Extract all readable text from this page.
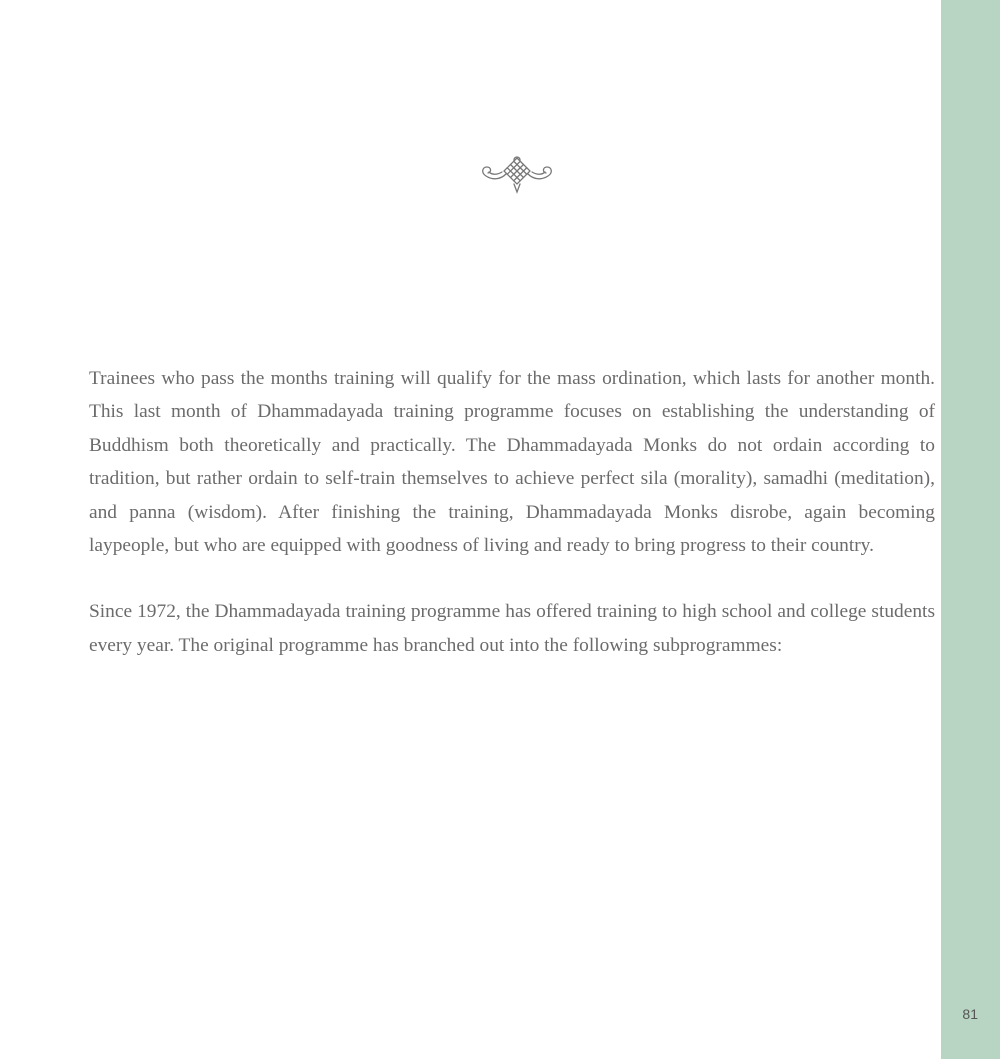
Trainees who pass the months training will qualify for the mass ordination, which lasts for another month. This last month of Dhammadayada training programme focuses on establishing the understanding of Buddhism both theoretically and practically. The Dhammadayada Monks do not ordain according to tradition, but rather ordain to self-train themselves to achieve perfect sila (morality), samadhi (meditation), and panna (wisdom). After finishing the training, Dhammadayada Monks disrobe, again becoming laypeople, but who are equipped with goodness of living and ready to bring progress to their country.

Since 1972, the Dhammadayada training programme has offered training to high school and college students every year. The original programme has branched out into the following subprogrammes:

81
